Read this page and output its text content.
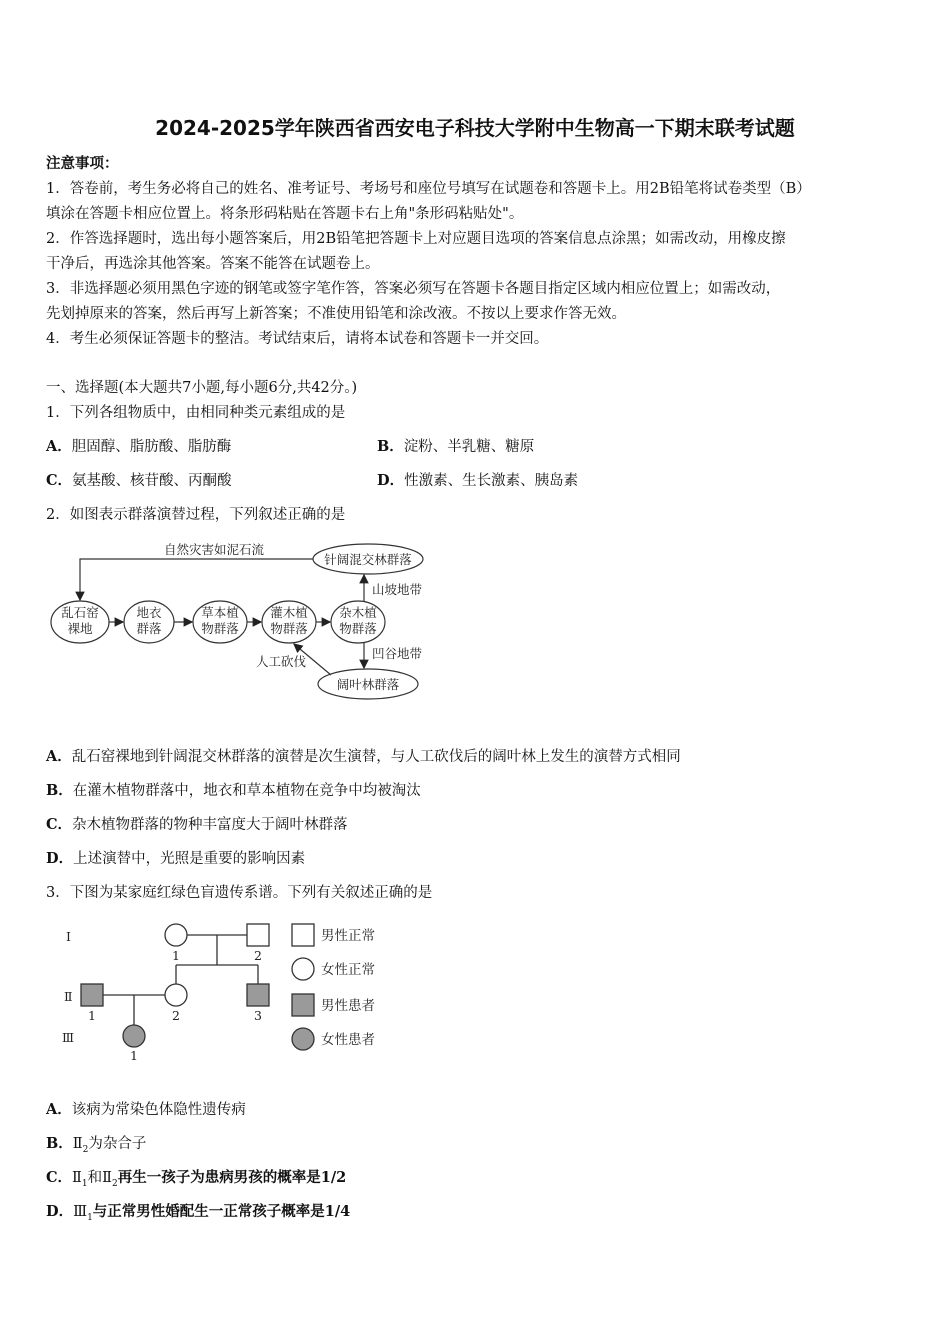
2024-2025学年陕西省西安电子科技大学附中生物高一下期末联考试题
注意事项：
1．答卷前，考生务必将自己的姓名、准考证号、考场号和座位号填写在试题卷和答题卡上。用2B铅笔将试卷类型（B）
填涂在答题卡相应位置上。将条形码粘贴在答题卡右上角"条形码粘贴处"。
2．作答选择题时，选出每小题答案后，用2B铅笔把答题卡上对应题目选项的答案信息点涂黑；如需改动，用橡皮擦
干净后，再选涂其他答案。答案不能答在试题卷上。
3．非选择题必须用黑色字迹的钢笔或签字笔作答，答案必须写在答题卡各题目指定区域内相应位置上；如需改动，
先划掉原来的答案，然后再写上新答案；不准使用铅笔和涂改液。不按以上要求作答无效。
4．考生必须保证答题卡的整洁。考试结束后，请将本试卷和答题卡一并交回。
一、选择题(本大题共7小题,每小题6分,共42分。)
1．下列各组物质中，由相同种类元素组成的是
A．胆固醇、脂肪酸、脂肪酶	B．淀粉、半乳糖、糖原
C．氨基酸、核苷酸、丙酮酸	D．性激素、生长激素、胰岛素
2．如图表示群落演替过程，下列叙述正确的是
乱石窑
裸地
地衣
群落
草本植
物群落
灌木植
物群落
杂木植
物群落
针阔混交林群落
阔叶林群落
自然灾害如泥石流
山坡地带
凹谷地带
人工砍伐
A．乱石窑裸地到针阔混交林群落的演替是次生演替，与人工砍伐后的阔叶林上发生的演替方式相同
B．在灌木植物群落中，地衣和草本植物在竞争中均被淘汰
C．杂木植物群落的物种丰富度大于阔叶林群落
D．上述演替中，光照是重要的影响因素
3．下图为某家庭红绿色盲遗传系谱。下列有关叙述正确的是
Ⅰ
Ⅱ
Ⅲ
1	2
1	2	3
1
男性正常
女性正常
男性患者
女性患者
A．该病为常染色体隐性遗传病
B．$Ⅱ_2$为杂合子
C．$Ⅱ_1$和$Ⅱ_2$再生一孩子为患病男孩的概率是1/2
D．$Ⅲ_1$与正常男性婚配生一正常孩子概率是1/4
